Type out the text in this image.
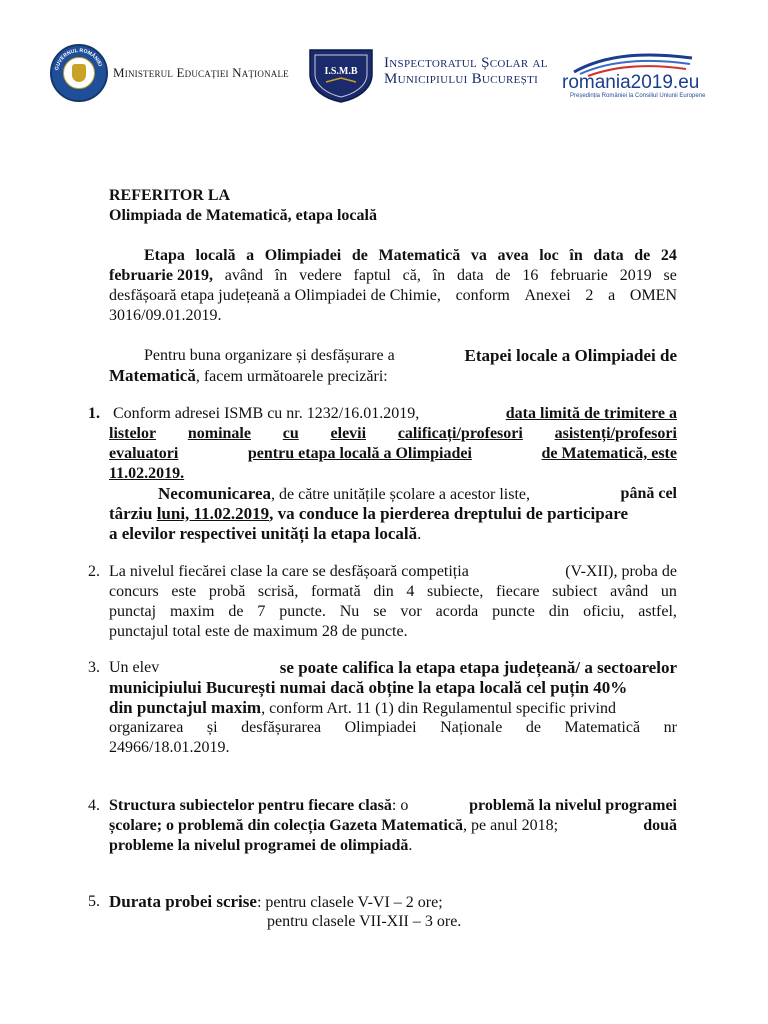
GUVERNUL ROMÂNIEI Ministerul Educației Naționale	I.S.M.B
Inspectoratul Școlar al
Municipiului București	romania2019.eu
Președinția României la Consiliul Uniunii Europene
REFERITOR LA
Olimpiada de Matematică, etapa locală
Etapa locală a Olimpiadei de Matematică va avea loc în data de 24
februarie 2019, având în vedere faptul că, în data de 16 februarie 2019 se
desfășoară etapa județeană a Olimpiadei de Chimie, conform Anexei 2 a OMEN
3016/09.01.2019.
Pentru buna organizare și desfășurare a	Etapei locale a Olimpiadei de
Matematică, facem următoarele precizări:
1. Conform adresei ISMB cu nr. 1232/16.01.2019,	data limită de trimitere a
listelor nominale cu elevii calificați/profesori asistenți/profesori
evaluatori	pentru etapa locală a Olimpiadei	de Matematică, este
11.02.2019.
Necomunicarea, de către unitățile școlare a acestor liste,	până cel
târziu luni, 11.02.2019, va conduce la pierderea dreptului de participare
a elevilor respectivei unități la etapa locală.
2. La nivelul fiecărei clase la care se desfășoară competiția	(V-XII), proba de
concurs este probă scrisă, formată din 4 subiecte, fiecare subiect având un
punctaj maxim de 7 puncte. Nu se vor acorda puncte din oficiu, astfel,
punctajul total este de maximum 28 de puncte.
3. Un elev	se poate califica la etapa etapa județeană/ a sectoarelor
municipiului București numai dacă obține la etapa locală cel puțin 40%
din punctajul maxim, conform Art. 11 (1) din Regulamentul specific privind
organizarea și desfășurarea Olimpiadei Naționale de Matematică nr
24966/18.01.2019.
4. Structura subiectelor pentru fiecare clasă: o	problemă la nivelul programei
școlare; o problemă din colecția Gazeta Matematică, pe anul 2018;	două
probleme la nivelul programei de olimpiadă.
5. Durata probei scrise: pentru clasele V-VI – 2 ore;
pentru clasele VII-XII – 3 ore.
